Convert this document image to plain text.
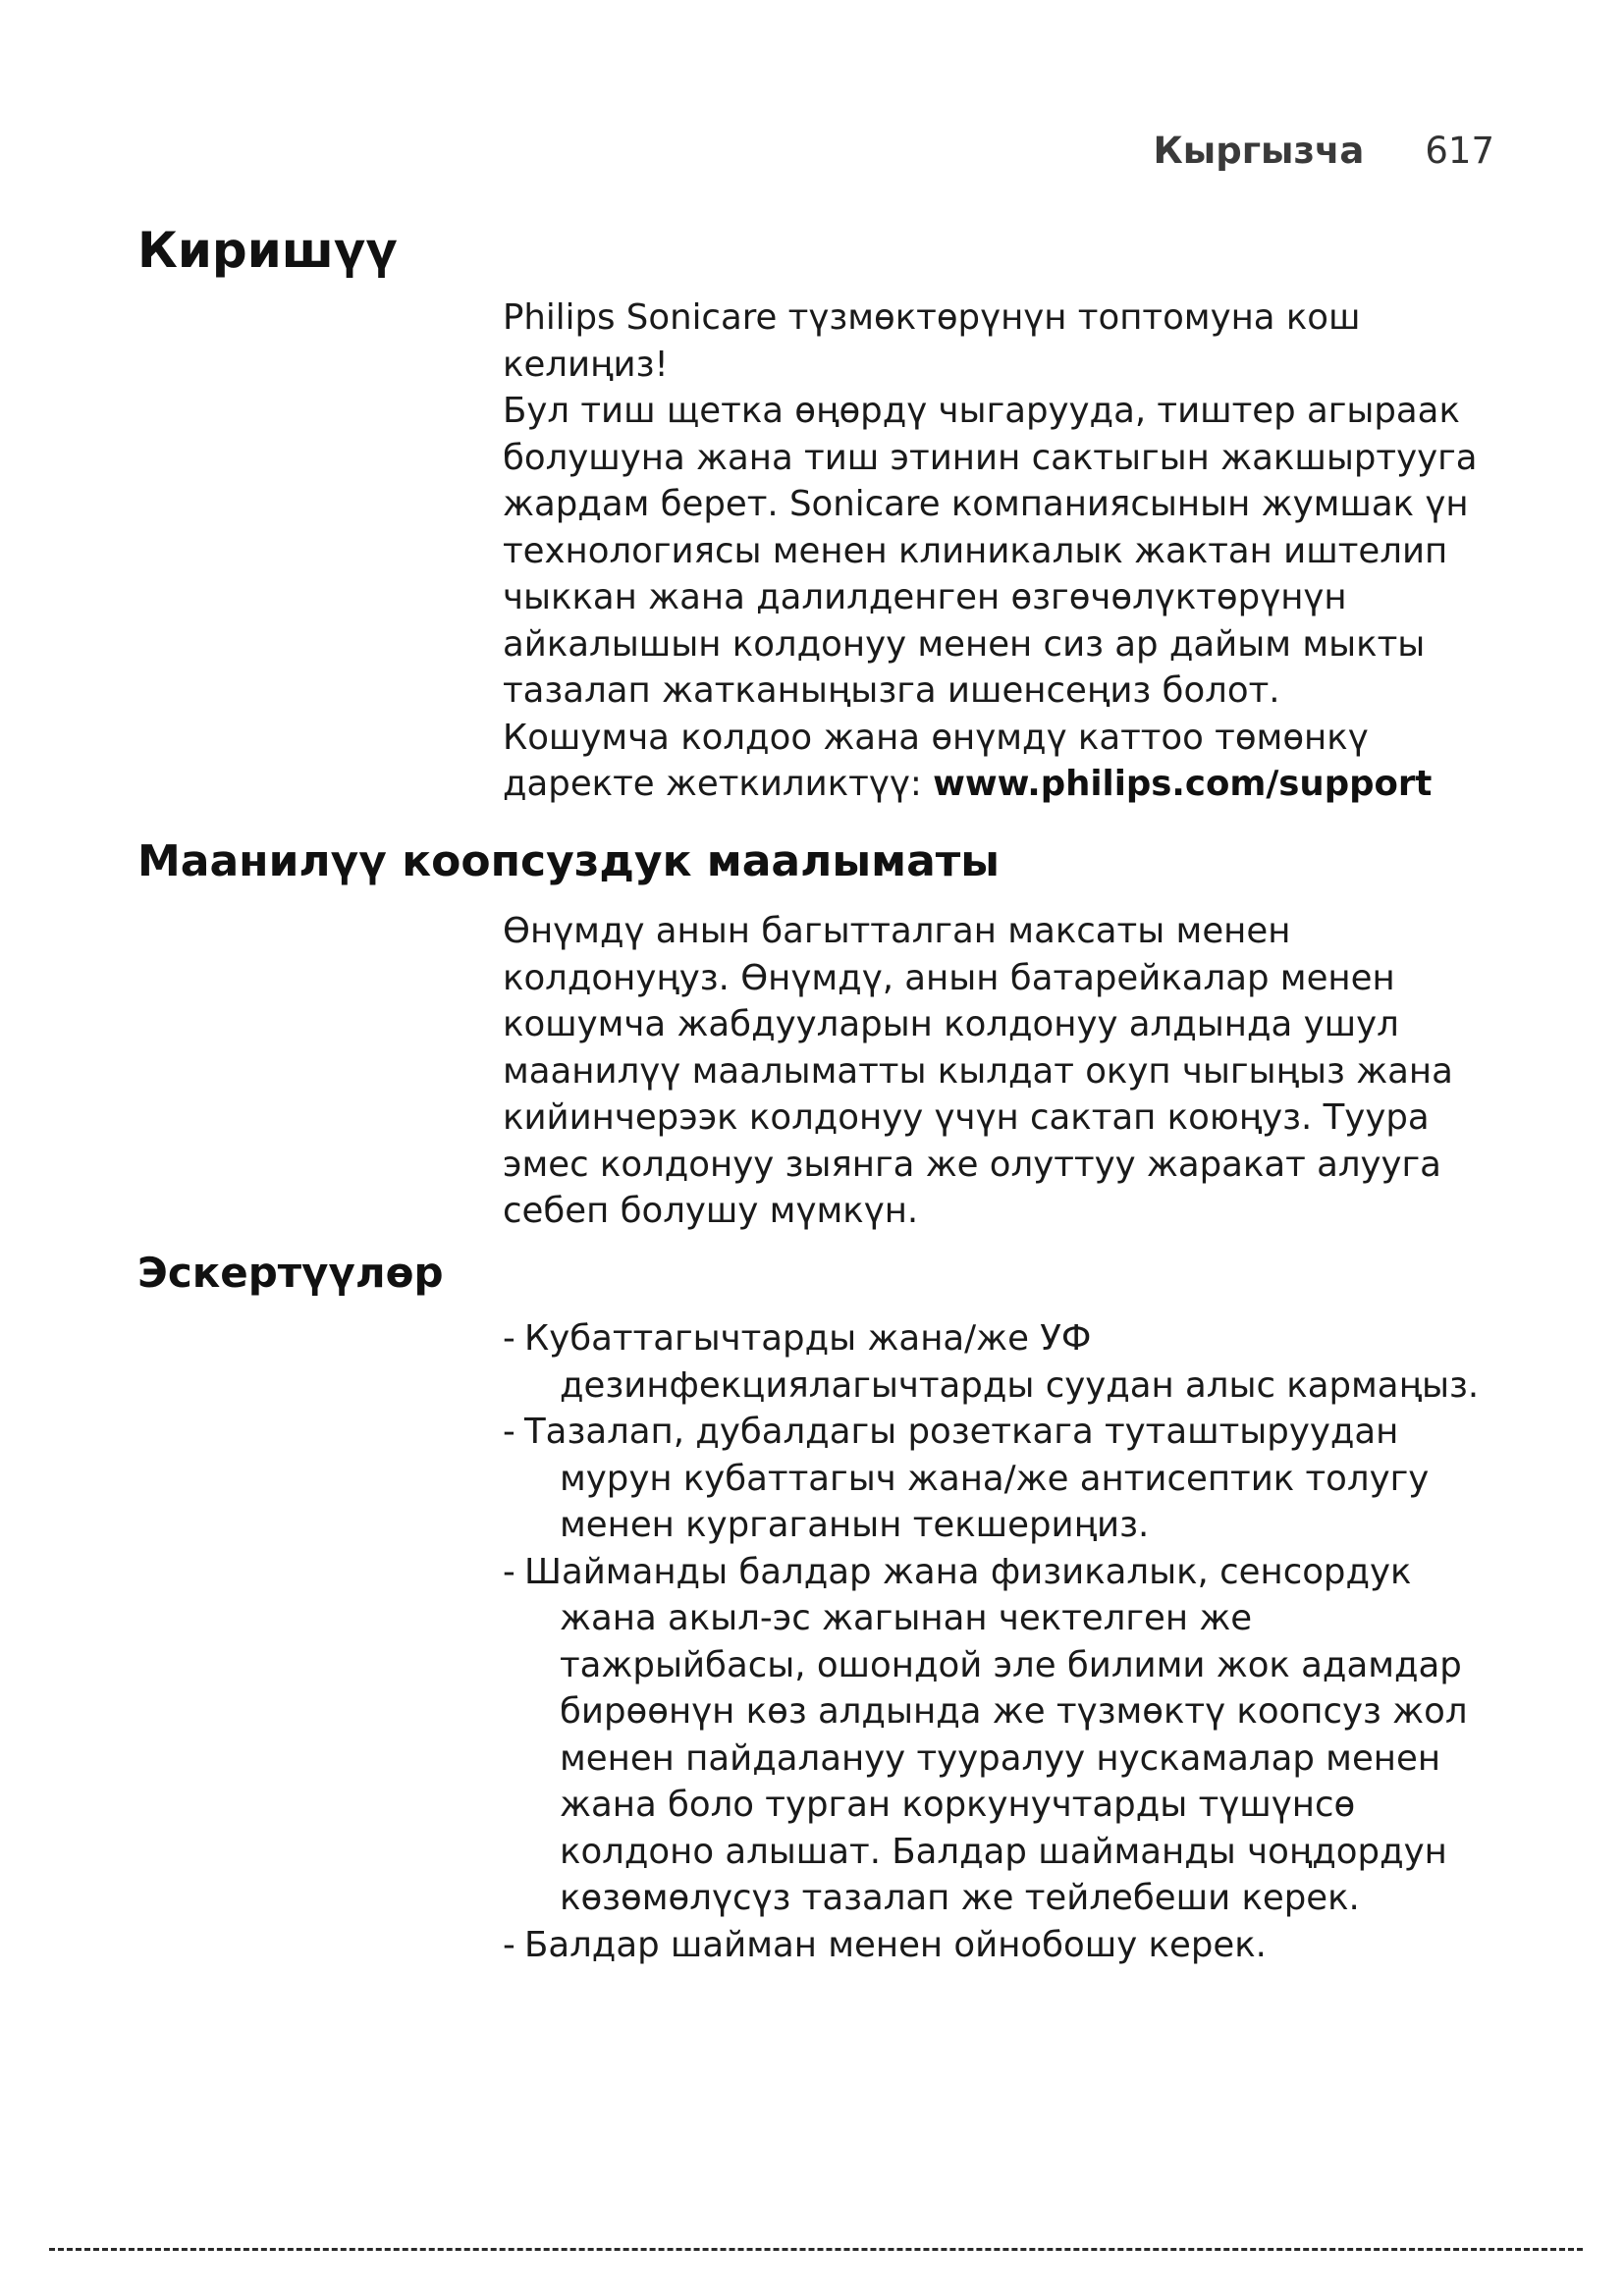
Кыргызча 617
Киришүү

Philips Sonicare түзмөктөрүнүн топтомуна кош келиңиз!

Бул тиш щетка өңөрдү чыгарууда, тиштер агыраак болушуна жана тиш этинин сактыгын жакшыртууга жардам берет. Sonicare компаниясынын жумшак үн технологиясы менен клиникалык жактан иштелип чыккан жана далилденген өзгөчөлүктөрүнүн айкалышын колдонуу менен сиз ар дайым мыкты тазалап жатканыңызга ишенсеңиз болот.

Кошумча колдоо жана өнүмдү каттоо төмөнкү даректе жеткиликтүү: www.philips.com/support

Маанилүү коопсуздук маалыматы

Өнүмдү анын багытталган максаты менен колдонуңуз. Өнүмдү, анын батарейкалар менен кошумча жабдууларын колдонуу алдында ушул маанилүү маалыматты кылдат окуп чыгыңыз жана кийинчерээк колдонуу үчүн сактап коюңуз. Туура эмес колдонуу зыянга же олуттуу жаракат алууга себеп болушу мүмкүн.

Эскертүүлөр
- Кубаттагычтарды жана/же УФ дезинфекциялагычтарды суудан алыс кармаңыз.
- Тазалап, дубалдагы розеткага туташтыруудан мурун кубаттагыч жана/же антисептик толугу менен кургаганын текшериңиз.
- Шайманды балдар жана физикалык, сенсордук жана акыл-эс жагынан чектелген же тажрыйбасы, ошондой эле билими жок адамдар бирөөнүн көз алдында же түзмөктү коопсуз жол менен пайдалануу тууралуу нускамалар менен жана боло турган коркунучтарды түшүнсө колдоно алышат. Балдар шайманды чоңдордун көзөмөлүсүз тазалап же тейлебеши керек.
- Балдар шайман менен ойнобошу керек.
